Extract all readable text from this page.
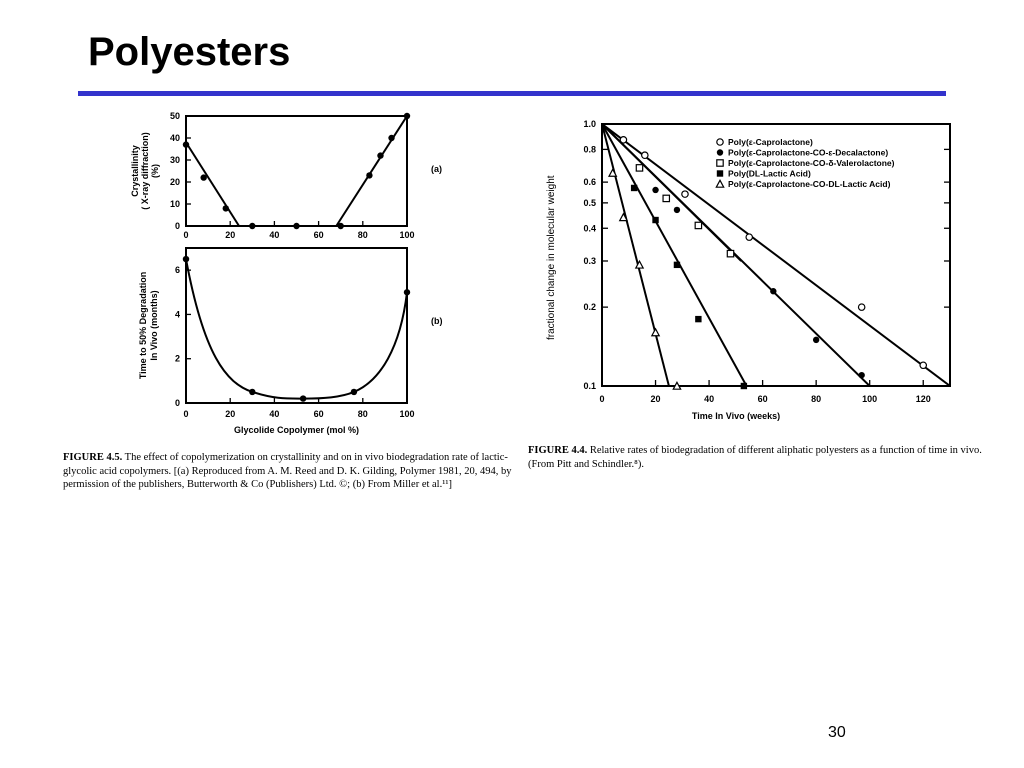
Polyesters
0
10
20
30
40
50
0	20	40	60	80	100
Crystallinity( X-ray diffraction)(%)	(a)
0
2
4
6
0	20	40	60	80	100
Time to 50% DegradationIn Vivo (months)
Glycolide Copolymer (mol %)
(b)
0.1
0.2
0.3
0.4
0.5
0.6
0.8
1.0
0	20	40	60	80	100	120
Poly(ε-Caprolactone)
Poly(ε-Caprolactone-CO-ε-Decalactone)
Poly(ε-Caprolactone-CO-δ-Valerolactone)
Poly(DL-Lactic Acid)
Poly(ε-Caprolactone-CO-DL-Lactic Acid)
Time In Vivo (weeks)
fractional change in molecular weight

FIGURE 4.5. The effect of copolymerization on crystallinity and on in vivo biodegradation rate of lactic-glycolic acid copolymers. [(a) Reproduced from A. M. Reed and D. K. Gilding, Polymer 1981, 20, 494, by permission of the publishers, Butterworth & Co (Publishers) Ltd. ©; (b) From Miller et al.¹¹]

FIGURE 4.4. Relative rates of biodegradation of different aliphatic polyesters as a function of time in vivo. (From Pitt and Schindler.⁸).

30
